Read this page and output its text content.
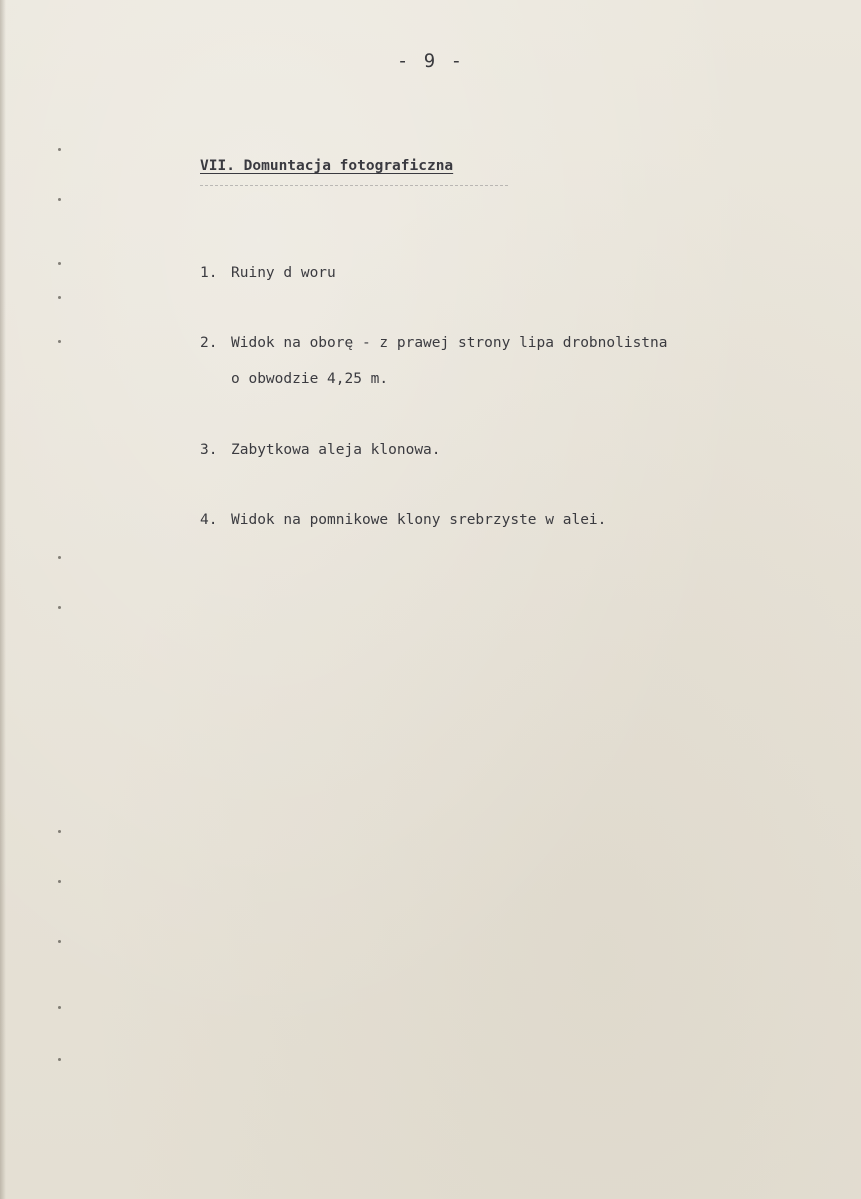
- 9 -
VII. Domuntacja fotograficzna
1. Ruiny d woru
2. Widok na oborę - z prawej strony lipa drobnolistna
o obwodzie 4,25 m.
3. Zabytkowa aleja klonowa.
4. Widok na pomnikowe klony srebrzyste w alei.
